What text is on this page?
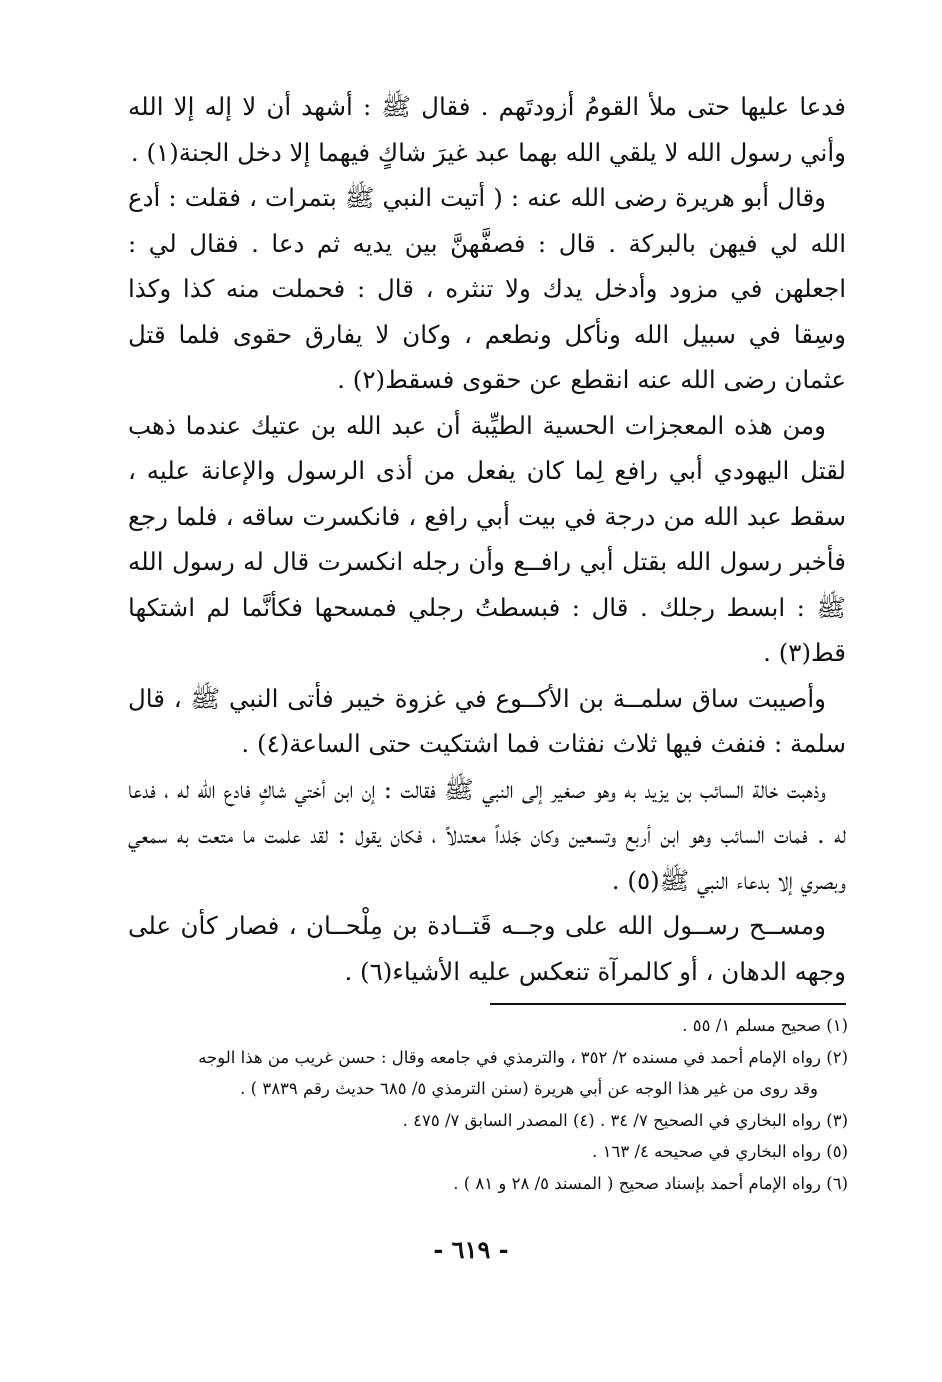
فدعا عليها حتى ملأ القومُ أزودتَهم . فقال ﷺ : أشهد أن لا إله إلا الله وأني رسول الله لا يلقي الله بهما عبد غيرَ شاكٍ فيهما إلا دخل الجنة(١) .

وقال أبو هريرة رضى الله عنه : ( أتيت النبي ﷺ بتمرات ، فقلت : أدع الله لي فيهن بالبركة . قال : فصفَّهنَّ بين يديه ثم دعا . فقال لي : اجعلهن في مزود وأدخل يدك ولا تنثره ، قال : فحملت منه كذا وكذا وسِقا في سبيل الله ونأكل ونطعم ، وكان لا يفارق حقوى فلما قتل عثمان رضى الله عنه انقطع عن حقوى فسقط(٢) .

ومن هذه المعجزات الحسية الطيِّبة أن عبد الله بن عتيك عندما ذهب لقتل اليهودي أبي رافع لِما كان يفعل من أذى الرسول والإعانة عليه ، سقط عبد الله من درجة في بيت أبي رافع ، فانكسرت ساقه ، فلما رجع فأخبر رسول الله بقتل أبي رافــع وأن رجله انكسرت قال له رسول الله ﷺ : ابسط رجلك . قال : فبسطتُ رجلي فمسحها فكأنَّما لم اشتكها قط(٣) .

وأصيبت ساق سلمــة بن الأكــوع في غزوة خيبر فأتى النبي ﷺ ، قال سلمة : فنفث فيها ثلاث نفثات فما اشتكيت حتى الساعة(٤) .

وذهبت خالة السائب بن يزيد به وهو صغير إلى النبي ﷺ فقالت : إن ابن أختي شاكٍ فادع الله له ، فدعا له . فمات السائب وهو ابن أربع وتسعين وكان جَلداً معتدلاً ، فكان يقول : لقد علمت ما متعت به سمعي وبصري إلا بدعاء النبي ﷺ(٥) .

ومســح رســول الله على وجــه قَتــادة بن مِلْحــان ، فصار كأن على وجهه الدهان ، أو كالمرآة تنعكس عليه الأشياء(٦) .

(١) صحيح مسلم ١/ ٥٥ .

(٢) رواه الإمام أحمد في مسنده ٢/ ٣٥٢ ، والترمذي في جامعه وقال : حسن غريب من هذا الوجه

وقد روى من غير هذا الوجه عن أبي هريرة (سنن الترمذي ٥/ ٦٨٥ حديث رقم ٣٨٣٩ ) .

(٣) رواه البخاري في الصحيح ٧/ ٣٤ . (٤) المصدر السابق ٧/ ٤٧٥ .

(٥) رواه البخاري في صحيحه ٤/ ١٦٣ .

(٦) رواه الإمام أحمد بإسناد صحيح ( المسند ٥/ ٢٨ و ٨١ ) .

- ٦١٩ -
